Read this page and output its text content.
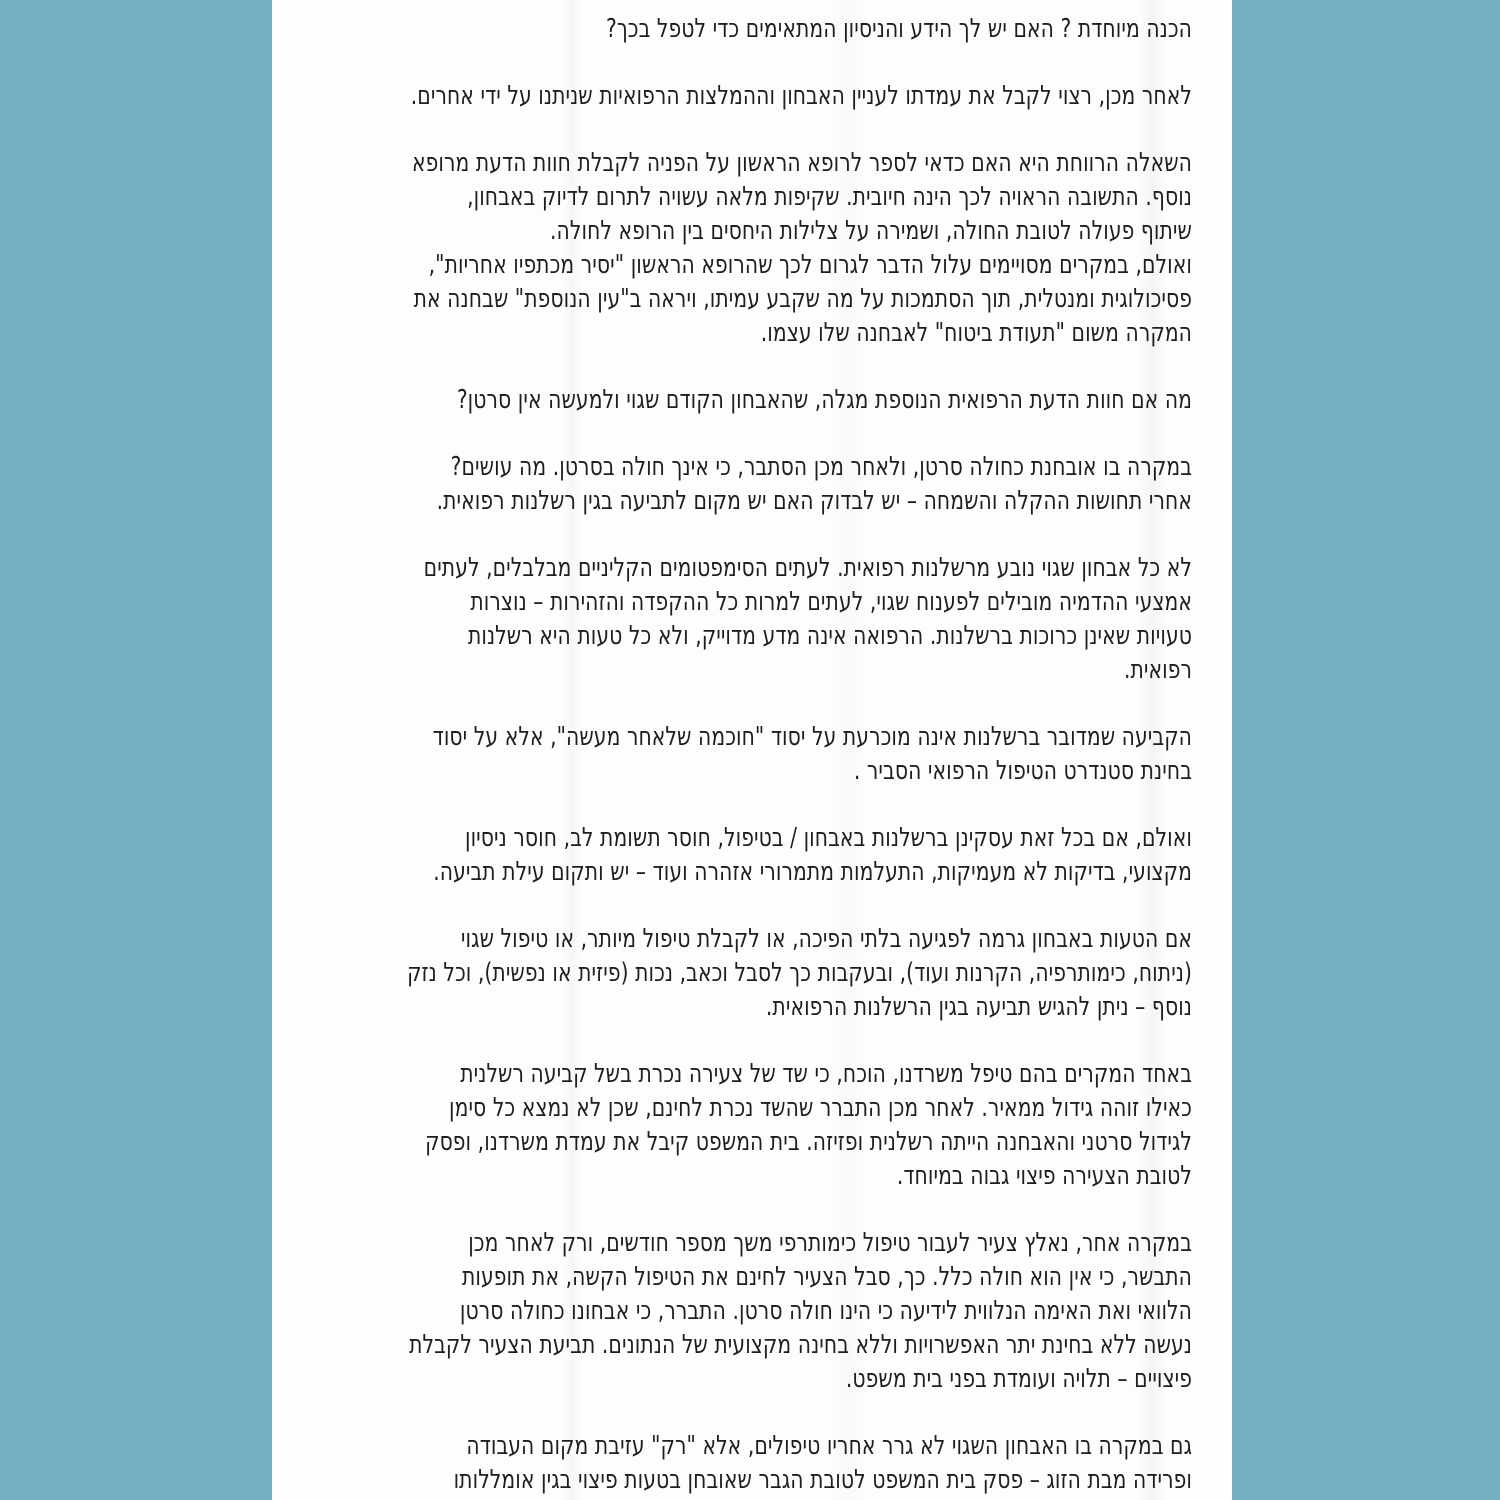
הכנה מיוחדת ? האם יש לך הידע והניסיון המתאימים כדי לטפל בכך?
לאחר מכן, רצוי לקבל את עמדתו לעניין האבחון וההמלצות הרפואיות שניתנו על ידי אחרים.
השאלה הרווחת היא האם כדאי לספר לרופא הראשון על הפניה לקבלת חוות הדעת מרופא
נוסף. התשובה הראויה לכך הינה חיובית. שקיפות מלאה עשויה לתרום לדיוק באבחון,
שיתוף פעולה לטובת החולה, ושמירה על צלילות היחסים בין הרופא לחולה.
ואולם, במקרים מסויימים עלול הדבר לגרום לכך שהרופא הראשון "יסיר מכתפיו אחריות",
פסיכולוגית ומנטלית, תוך הסתמכות על מה שקבע עמיתו, ויראה ב"עין הנוספת" שבחנה את
המקרה משום "תעודת ביטוח" לאבחנה שלו עצמו.
מה אם חוות הדעת הרפואית הנוספת מגלה, שהאבחון הקודם שגוי ולמעשה אין סרטן?
במקרה בו אובחנת כחולה סרטן, ולאחר מכן הסתבר, כי אינך חולה בסרטן. מה עושים?
אחרי תחושות ההקלה והשמחה – יש לבדוק האם יש מקום לתביעה בגין רשלנות רפואית.
לא כל אבחון שגוי נובע מרשלנות רפואית. לעתים הסימפטומים הקליניים מבלבלים, לעתים
אמצעי ההדמיה מובילים לפענוח שגוי, לעתים למרות כל ההקפדה והזהירות – נוצרות
טעויות שאינן כרוכות ברשלנות. הרפואה אינה מדע מדוייק, ולא כל טעות היא רשלנות
רפואית.
הקביעה שמדובר ברשלנות אינה מוכרעת על יסוד "חוכמה שלאחר מעשה", אלא על יסוד
בחינת סטנדרט הטיפול הרפואי הסביר .
ואולם, אם בכל זאת עסקינן ברשלנות באבחון / בטיפול, חוסר תשומת לב, חוסר ניסיון
מקצועי, בדיקות לא מעמיקות, התעלמות מתמרורי אזהרה ועוד – יש ותקום עילת תביעה.
אם הטעות באבחון גרמה לפגיעה בלתי הפיכה, או לקבלת טיפול מיותר, או טיפול שגוי
(ניתוח, כימותרפיה, הקרנות ועוד), ובעקבות כך לסבל וכאב, נכות (פיזית או נפשית), וכל נזק
נוסף – ניתן להגיש תביעה בגין הרשלנות הרפואית.
באחד המקרים בהם טיפל משרדנו, הוכח, כי שד של צעירה נכרת בשל קביעה רשלנית
כאילו זוהה גידול ממאיר. לאחר מכן התברר שהשד נכרת לחינם, שכן לא נמצא כל סימן
לגידול סרטני והאבחנה הייתה רשלנית ופזיזה. בית המשפט קיבל את עמדת משרדנו, ופסק
לטובת הצעירה פיצוי גבוה במיוחד.
במקרה אחר, נאלץ צעיר לעבור טיפול כימותרפי משך מספר חודשים, ורק לאחר מכן
התבשר, כי אין הוא חולה כלל. כך, סבל הצעיר לחינם את הטיפול הקשה, את תופעות
הלוואי ואת האימה הנלווית לידיעה כי הינו חולה סרטן. התברר, כי אבחונו כחולה סרטן
נעשה ללא בחינת יתר האפשרויות וללא בחינה מקצועית של הנתונים. תביעת הצעיר לקבלת
פיצויים – תלויה ועומדת בפני בית משפט.
גם במקרה בו האבחון השגוי לא גרר אחריו טיפולים, אלא "רק" עזיבת מקום העבודה
ופרידה מבת הזוג – פסק בית המשפט לטובת הגבר שאובחן בטעות פיצוי בגין אומללותו
